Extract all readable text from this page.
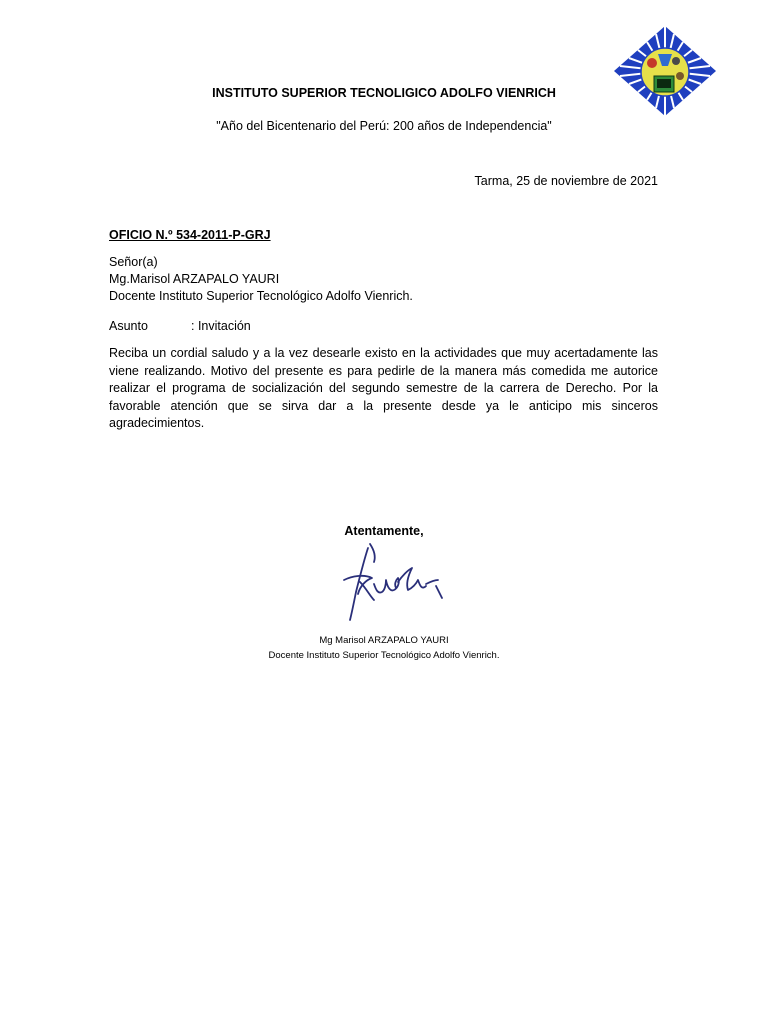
INSTITUTO SUPERIOR TECNOLIGICO ADOLFO VIENRICH
"Año del Bicentenario del Perú: 200 años de Independencia"
Tarma, 25 de noviembre de 2021
OFICIO N.º 534-2011-P-GRJ
Señor(a)
Mg.Marisol ARZAPALO YAURI
Docente Instituto Superior Tecnológico Adolfo Vienrich.
Asunto	: Invitación
Reciba un cordial saludo y a la vez desearle existo en la actividades que muy acertadamente las viene realizando. Motivo del presente es para pedirle de la manera más comedida me autorice realizar el programa de socialización del segundo semestre de la carrera de Derecho. Por la favorable atención que se sirva dar a la presente desde ya le anticipo mis sinceros agradecimientos.
Atentamente,
Mg Marisol ARZAPALO YAURI
Docente Instituto Superior Tecnológico Adolfo Vienrich.
